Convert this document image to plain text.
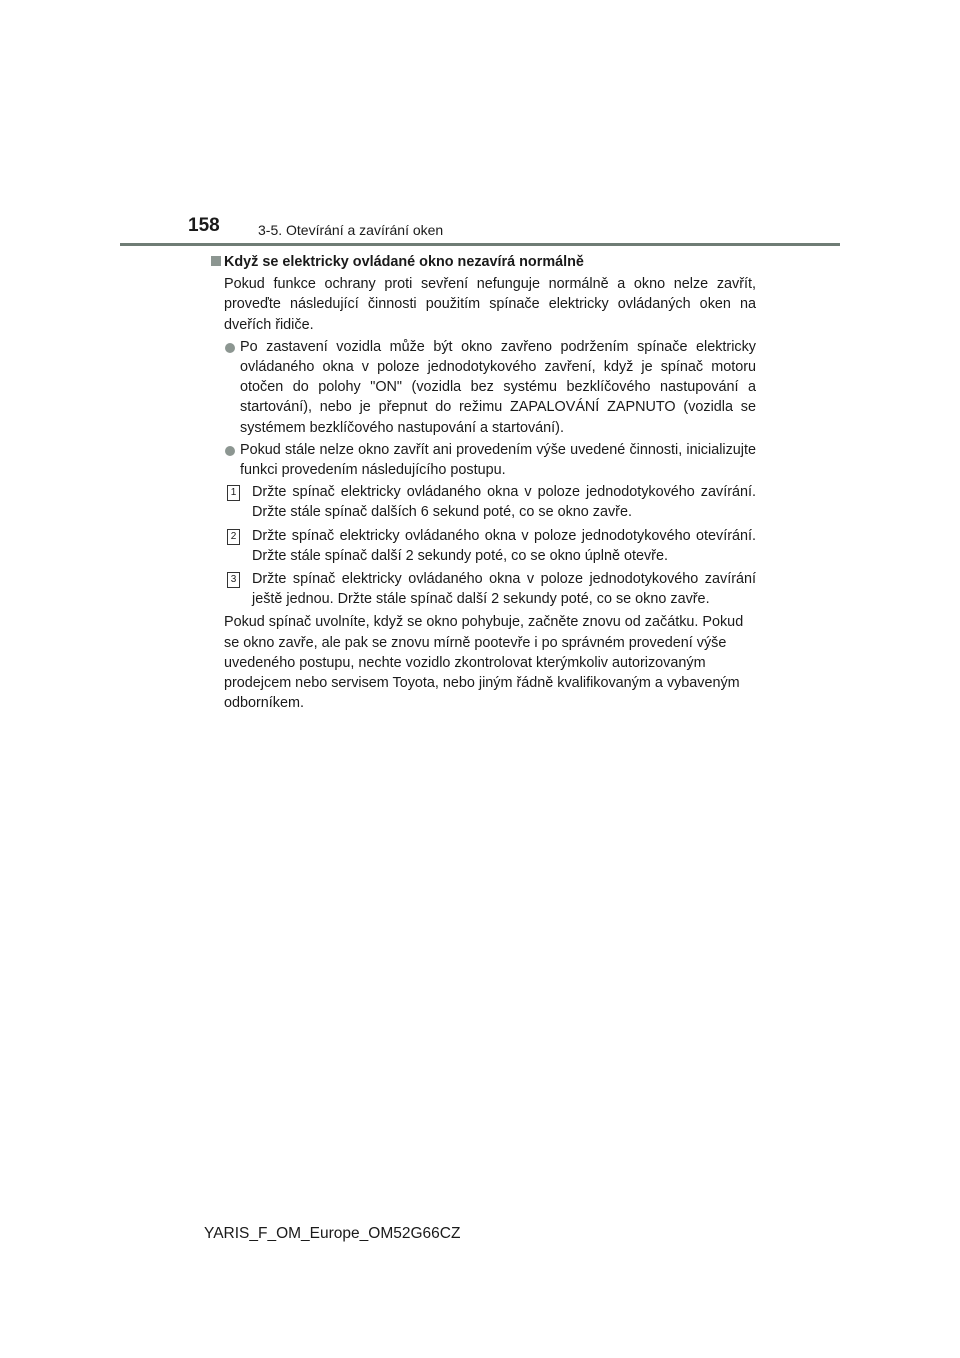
158	3-5. Otevírání a zavírání oken
Když se elektricky ovládané okno nezavírá normálně

Pokud funkce ochrany proti sevření nefunguje normálně a okno nelze zavřít, proveďte následující činnosti použitím spínače elektricky ovládaných oken na dveřích řidiče.

Po zastavení vozidla může být okno zavřeno podržením spínače elektricky ovládaného okna v poloze jednodotykového zavření, když je spínač motoru otočen do polohy "ON" (vozidla bez systému bezklíčového nastupování a startování), nebo je přepnut do režimu ZAPALOVÁNÍ ZAPNUTO (vozidla se systémem bezklíčového nastupování a startování).
Pokud stále nelze okno zavřít ani provedením výše uvedené činnosti, inicializujte funkci provedením následujícího postupu.
1 Držte spínač elektricky ovládaného okna v poloze jednodotykového zavírání. Držte stále spínač dalších 6 sekund poté, co se okno zavře.
2 Držte spínač elektricky ovládaného okna v poloze jednodotykového otevírání. Držte stále spínač další 2 sekundy poté, co se okno úplně otevře.
3 Držte spínač elektricky ovládaného okna v poloze jednodotykového zavírání ještě jednou. Držte stále spínač další 2 sekundy poté, co se okno zavře.

Pokud spínač uvolníte, když se okno pohybuje, začněte znovu od začátku. Pokud se okno zavře, ale pak se znovu mírně pootevře i po správném provedení výše uvedeného postupu, nechte vozidlo zkontrolovat kterýmkoliv autorizovaným prodejcem nebo servisem Toyota, nebo jiným řádně kvalifikovaným a vybaveným odborníkem.

YARIS_F_OM_Europe_OM52G66CZ
